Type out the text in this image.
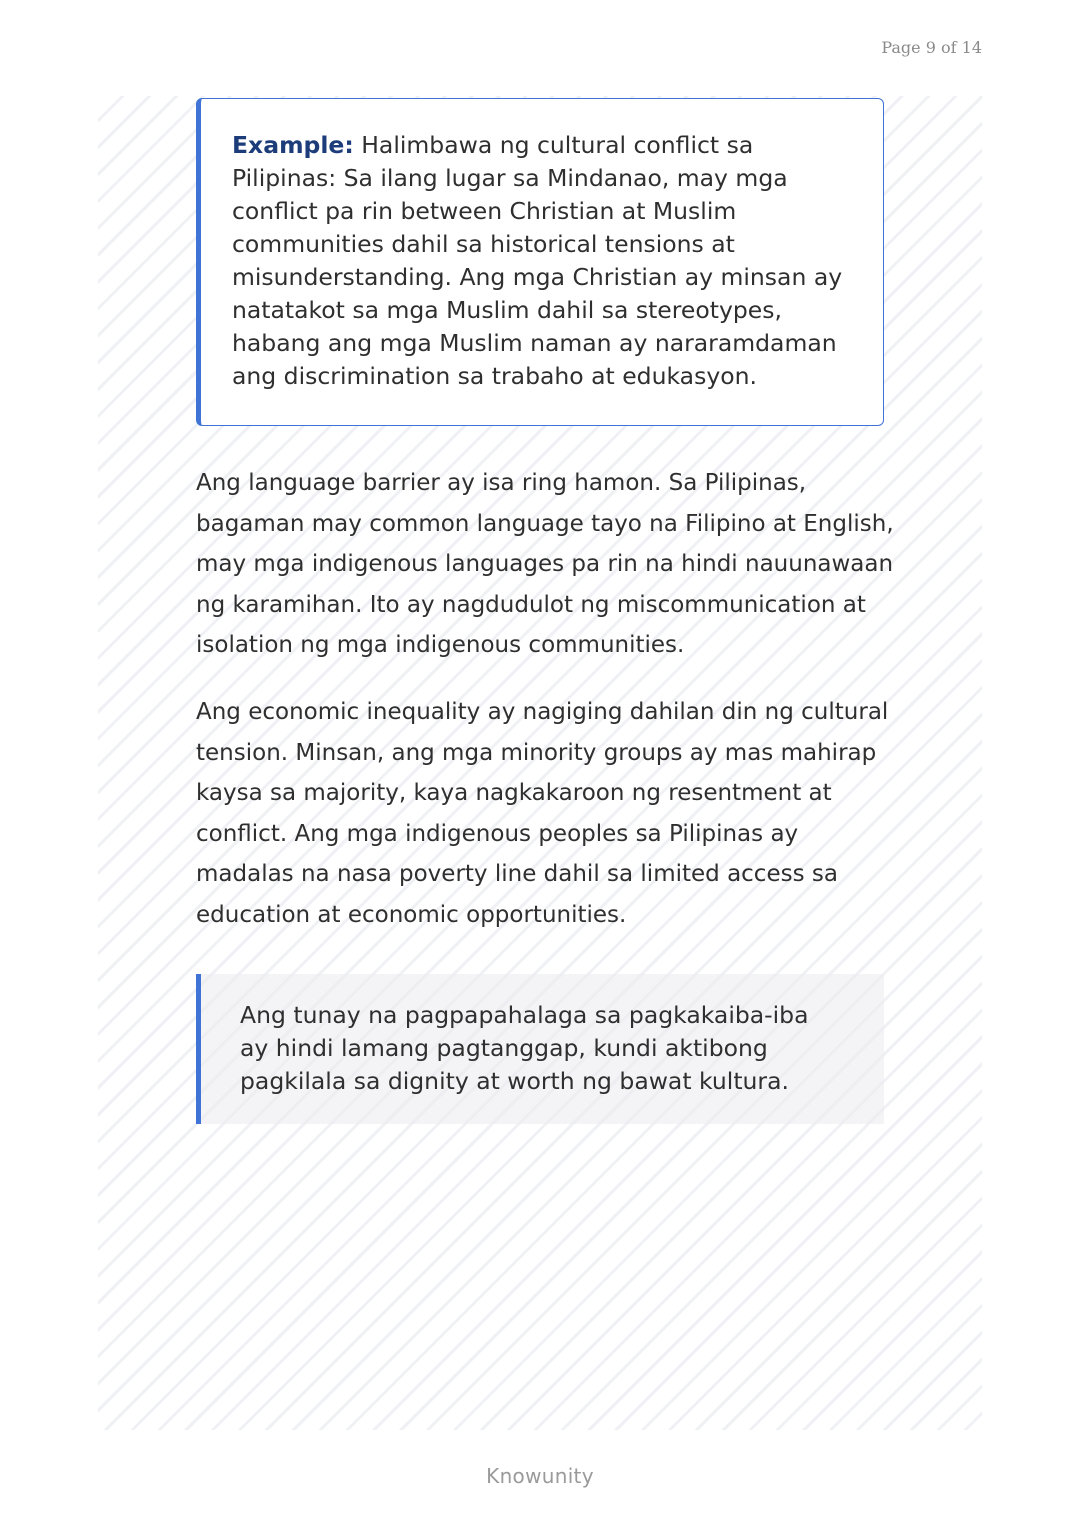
Page 9 of 14
Example: Halimbawa ng cultural conflict sa Pilipinas: Sa ilang lugar sa Mindanao, may mga conflict pa rin between Christian at Muslim communities dahil sa historical tensions at misunderstanding. Ang mga Christian ay minsan ay natatakot sa mga Muslim dahil sa stereotypes, habang ang mga Muslim naman ay nararamdaman ang discrimination sa trabaho at edukasyon.

Ang language barrier ay isa ring hamon. Sa Pilipinas, bagaman may common language tayo na Filipino at English, may mga indigenous languages pa rin na hindi nauunawaan ng karamihan. Ito ay nagdudulot ng miscommunication at isolation ng mga indigenous communities.

Ang economic inequality ay nagiging dahilan din ng cultural tension. Minsan, ang mga minority groups ay mas mahirap kaysa sa majority, kaya nagkakaroon ng resentment at conflict. Ang mga indigenous peoples sa Pilipinas ay madalas na nasa poverty line dahil sa limited access sa education at economic opportunities.

Ang tunay na pagpapahalaga sa pagkakaiba-iba ay hindi lamang pagtanggap, kundi aktibong pagkilala sa dignity at worth ng bawat kultura.
Knowunity
